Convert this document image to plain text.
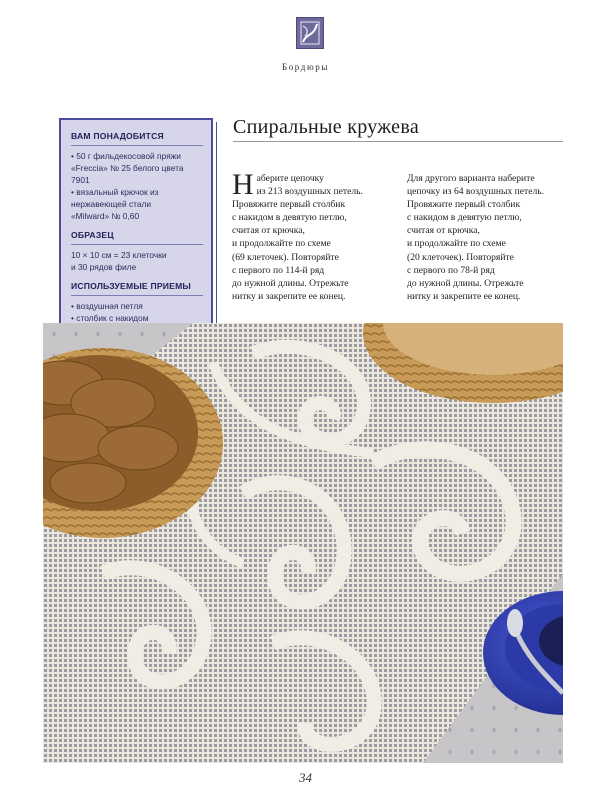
Бордюры
ВАМ ПОНАДОБИТСЯ
• 50 г фильдекосовой пряжи
«Freccia» № 25 белого цвета
7901
• вязальный крючок из
нержавеющей стали
«Milward» № 0,60
ОБРАЗЕЦ
10 × 10 см = 23 клеточки
и 30 рядов филе
ИСПОЛЬЗУЕМЫЕ ПРИЕМЫ
• воздушная петля
• столбик с накидом
Спиральные кружева
Н аберите цепочку
из 213 воздушных петель.
Провяжите первый столбик
с накидом в девятую петлю,
считая от крючка,
и продолжайте по схеме
(69 клеточек). Повторяйте
с первого по 114-й ряд
до нужной длины. Отрежьте
нитку и закрепите ее конец.
Для другого варианта наберите
цепочку из 64 воздушных петель.
Провяжите первый столбик
с накидом в девятую петлю,
считая от крючка,
и продолжайте по схеме
(20 клеточек). Повторяйте
с первого по 78-й ряд
до нужной длины. Отрежьте
нитку и закрепите ее конец.
34
